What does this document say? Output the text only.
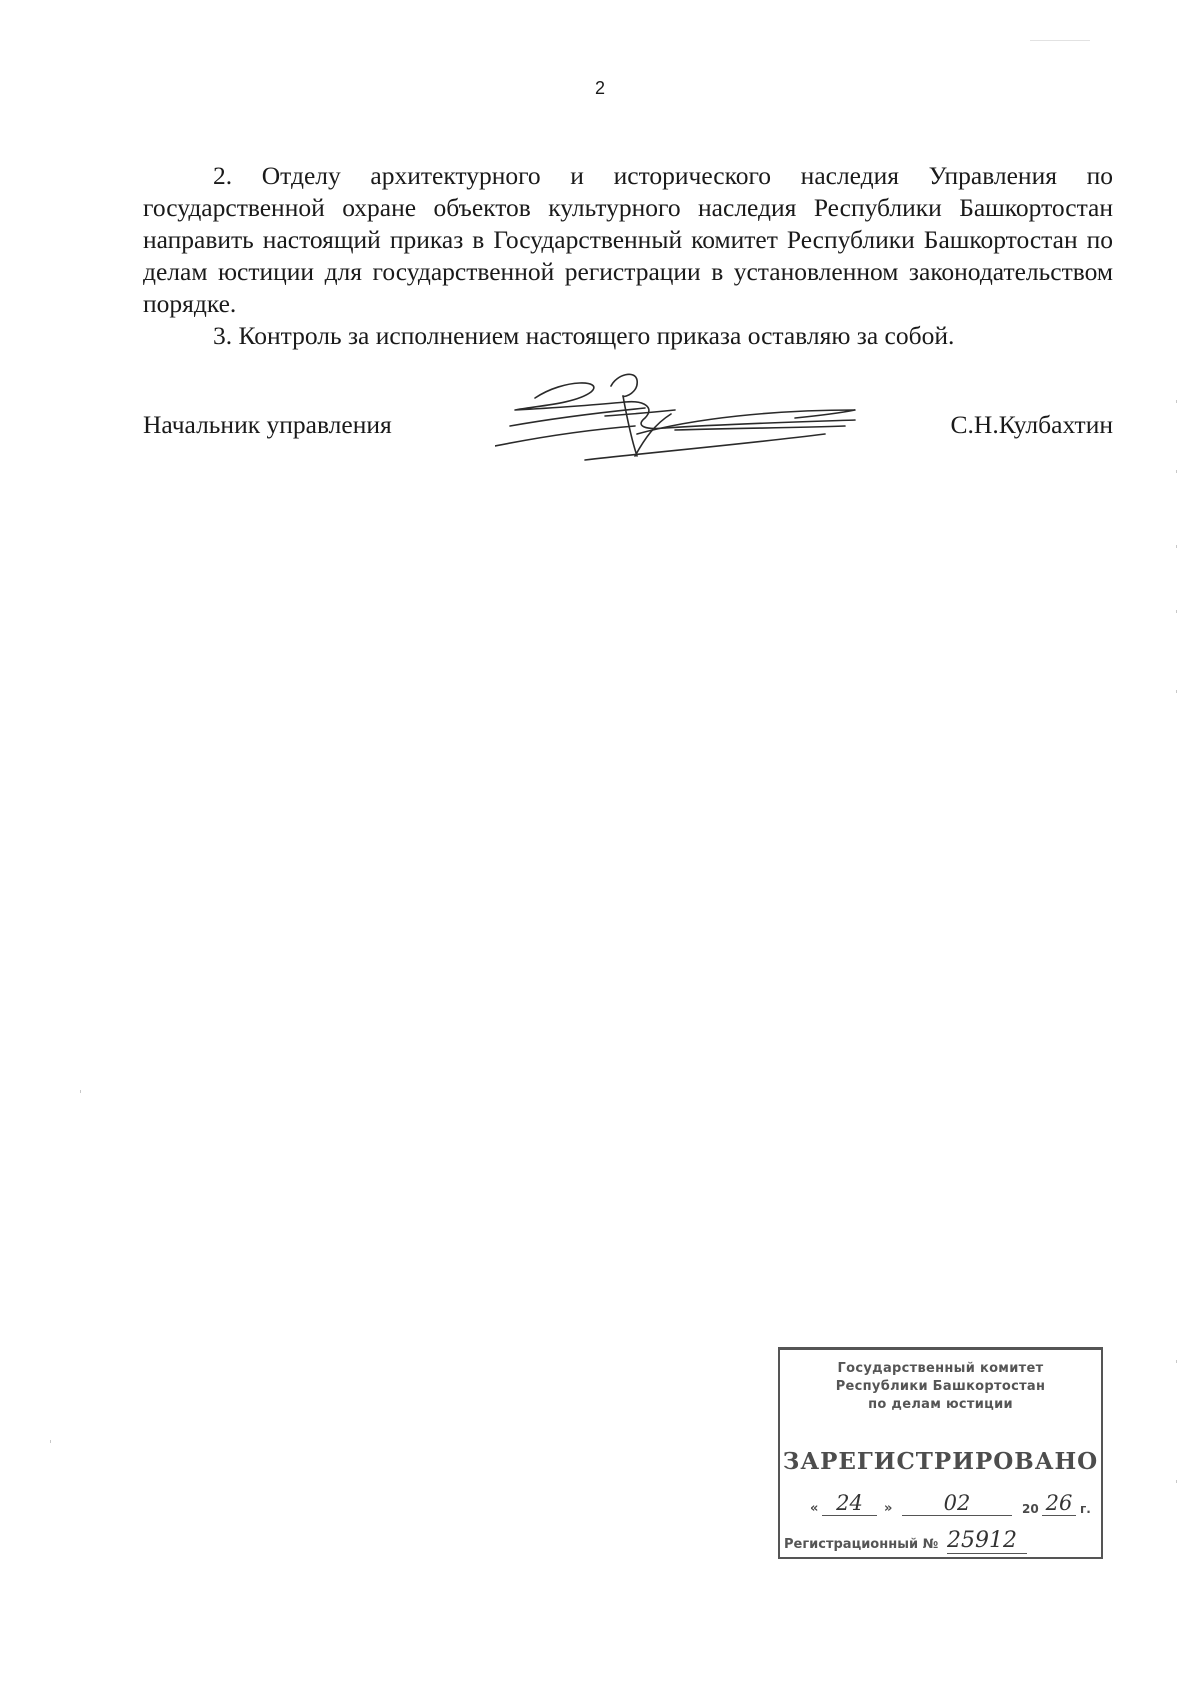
2

2. Отделу архитектурного и исторического наследия Управления по государственной охране объектов культурного наследия Республики Башкортостан направить настоящий приказ в Государственный комитет Республики Башкортостан по делам юстиции для государственной регистрации в установленном законодательством порядке.

3. Контроль за исполнением настоящего приказа оставляю за собой.

Начальник управления	С.Н.Кулбахтин
Государственный комитет
Республики Башкортостан
по делам юстиции
ЗАРЕГИСТРИРОВАНО
« 24	»	02	20 26 г.
Регистрационный № 25912
